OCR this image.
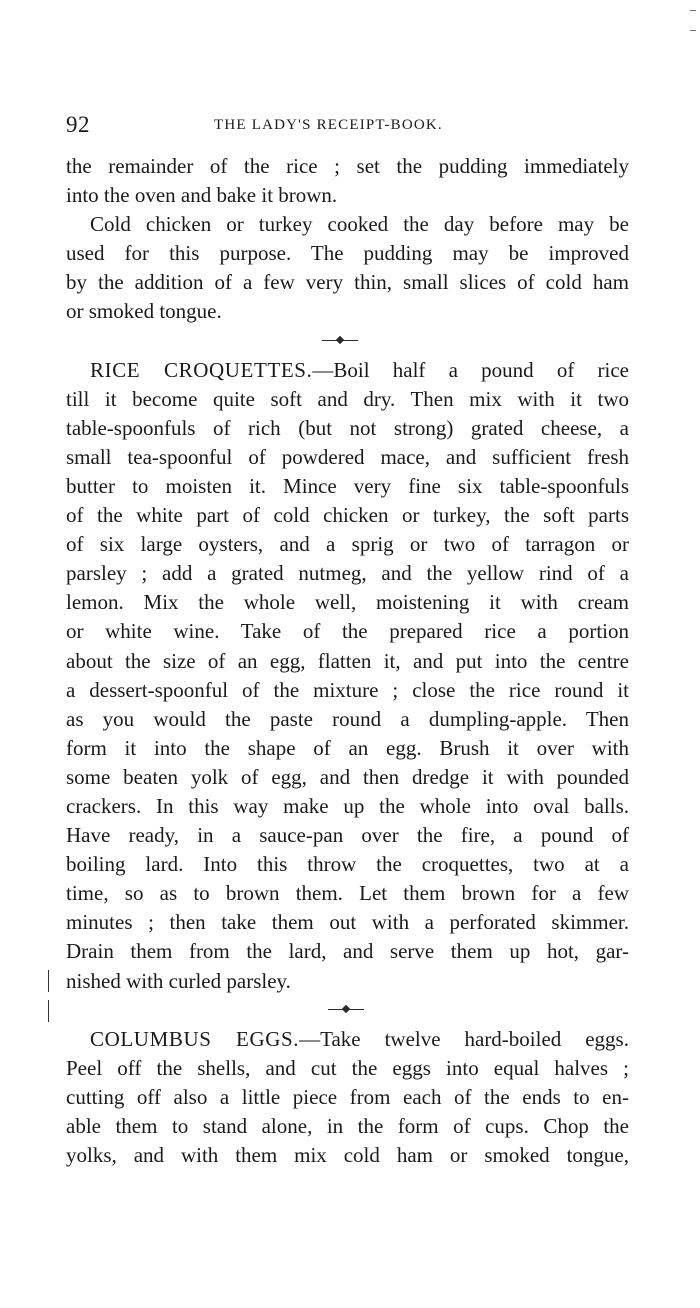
92	THE LADY'S RECEIPT-BOOK.
the remainder of the rice ; set the pudding immediately
into the oven and bake it brown.
Cold chicken or turkey cooked the day before may be
used for this purpose. The pudding may be improved
by the addition of a few very thin, small slices of cold ham
or smoked tongue.
RICE CROQUETTES.—Boil half a pound of rice
till it become quite soft and dry. Then mix with it two
table-spoonfuls of rich (but not strong) grated cheese, a
small tea-spoonful of powdered mace, and sufficient fresh
butter to moisten it. Mince very fine six table-spoonfuls
of the white part of cold chicken or turkey, the soft parts
of six large oysters, and a sprig or two of tarragon or
parsley ; add a grated nutmeg, and the yellow rind of a
lemon. Mix the whole well, moistening it with cream
or white wine. Take of the prepared rice a portion
about the size of an egg, flatten it, and put into the centre
a dessert-spoonful of the mixture ; close the rice round it
as you would the paste round a dumpling-apple. Then
form it into the shape of an egg. Brush it over with
some beaten yolk of egg, and then dredge it with pounded
crackers. In this way make up the whole into oval balls.
Have ready, in a sauce-pan over the fire, a pound of
boiling lard. Into this throw the croquettes, two at a
time, so as to brown them. Let them brown for a few
minutes ; then take them out with a perforated skimmer.
Drain them from the lard, and serve them up hot, gar-
nished with curled parsley.
COLUMBUS EGGS.—Take twelve hard-boiled eggs.
Peel off the shells, and cut the eggs into equal halves ;
cutting off also a little piece from each of the ends to en-
able them to stand alone, in the form of cups. Chop the
yolks, and with them mix cold ham or smoked tongue,
